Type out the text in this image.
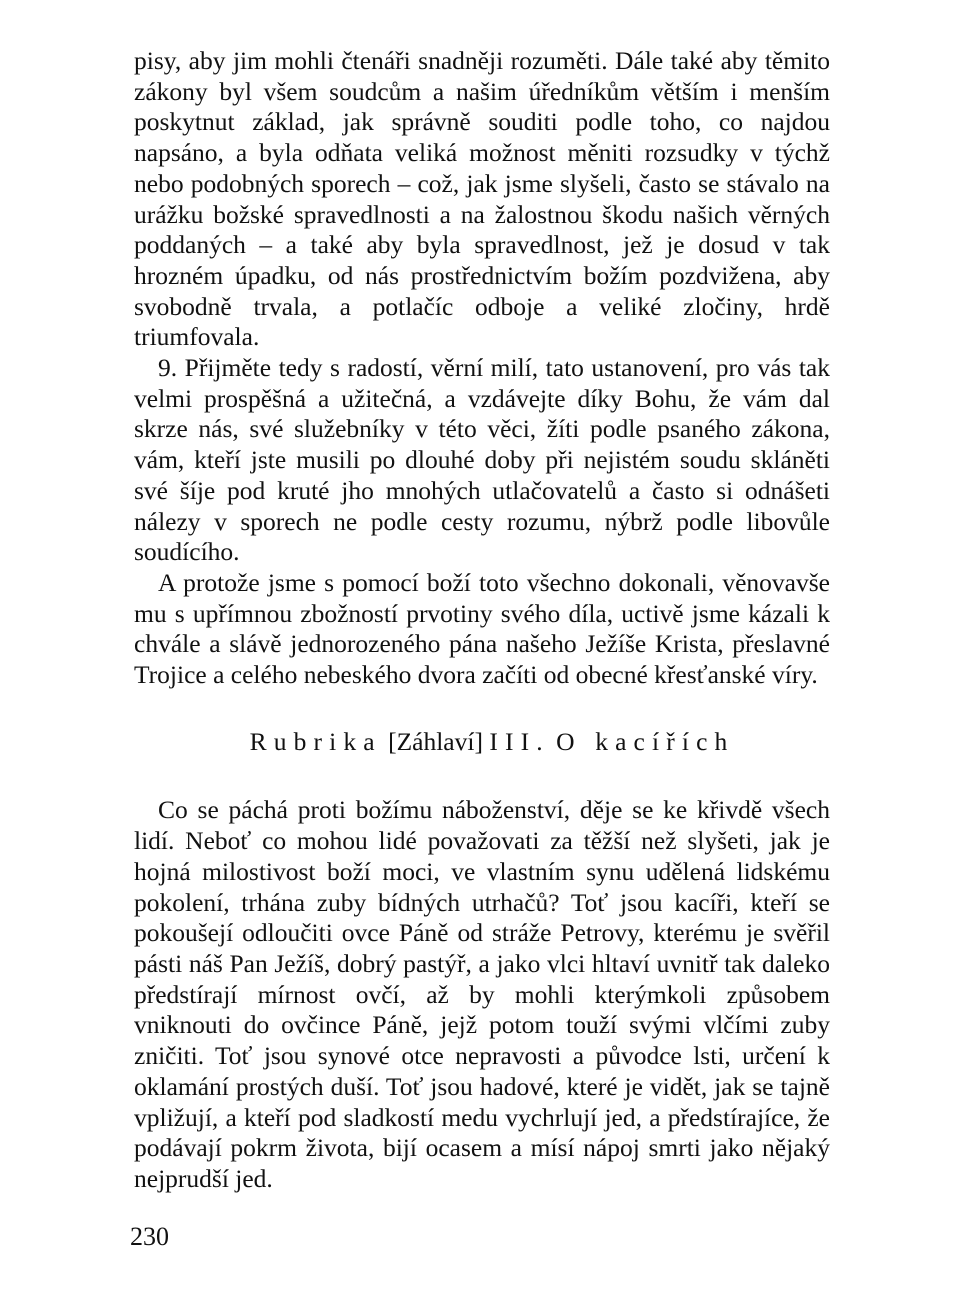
pisy, aby jim mohli čtenáři snadněji rozuměti. Dále také aby těmito zákony byl všem soudcům a našim úředníkům větším i menším poskytnut základ, jak správně souditi podle toho, co najdou napsáno, a byla odňata veliká možnost měniti rozsudky v týchž nebo podobných sporech – což, jak jsme slyšeli, často se stávalo na urážku božské spravedlnosti a na žalostnou škodu našich věrných poddaných – a také aby byla spravedlnost, jež je dosud v tak hrozném úpadku, od nás prostřednictvím božím pozdvižena, aby svobodně trvala, a potlačíc odboje a veliké zločiny, hrdě triumfovala.

9. Přijměte tedy s radostí, věrní milí, tato ustanovení, pro vás tak velmi prospěšná a užitečná, a vzdávejte díky Bohu, že vám dal skrze nás, své služebníky v této věci, žíti podle psaného zákona, vám, kteří jste musili po dlouhé doby při nejistém soudu skláněti své šíje pod kruté jho mnohých utlačovatelů a často si odnášeti nálezy v sporech ne podle cesty rozumu, nýbrž podle libovůle soudícího.

A protože jsme s pomocí boží toto všechno dokonali, věnovavše mu s upřímnou zbožností prvotiny svého díla, uctivě jsme kázali k chvále a slávě jednorozeného pána našeho Ježíše Krista, přeslavné Trojice a celého nebeského dvora začíti od obecné křesťanské víry.

Rubrika [Záhlaví] III. O kacířích

Co se páchá proti božímu náboženství, děje se ke křivdě všech lidí. Neboť co mohou lidé považovati za těžší než slyšeti, jak je hojná milostivost boží moci, ve vlastním synu udělená lidskému pokolení, trhána zuby bídných utrhačů? Toť jsou kacíři, kteří se pokoušejí odloučiti ovce Páně od stráže Petrovy, kterému je svěřil pásti náš Pan Ježíš, dobrý pastýř, a jako vlci hltaví uvnitř tak daleko předstírají mírnost ovčí, až by mohli kterýmkoli způsobem vniknouti do ovčince Páně, jejž potom touží svými vlčími zuby zničiti. Toť jsou synové otce nepravosti a původce lsti, určení k oklamání prostých duší. Toť jsou hadové, které je vidět, jak se tajně vpližují, a kteří pod sladkostí medu vychrlují jed, a předstírajíce, že podávají pokrm života, bijí ocasem a mísí nápoj smrti jako nějaký nejprudší jed.

230
